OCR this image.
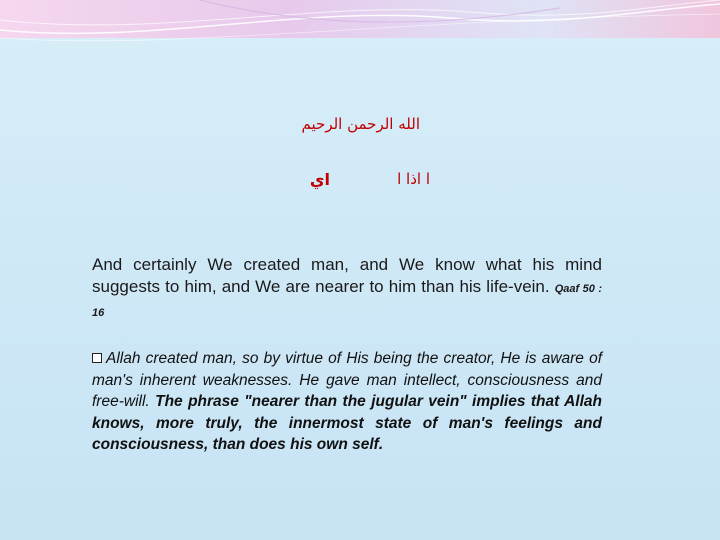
الله الرحمن الرحيم
اي	ا اذا ا
And certainly We created man, and We know what his mind suggests to him, and We are nearer to him than his life-vein. Qaaf 50 : 16
Allah created man, so by virtue of His being the creator, He is aware of man's inherent weaknesses. He gave man intellect, consciousness and free-will. The phrase "nearer than the jugular vein" implies that Allah knows, more truly, the innermost state of man's feelings and consciousness, than does his own self.
